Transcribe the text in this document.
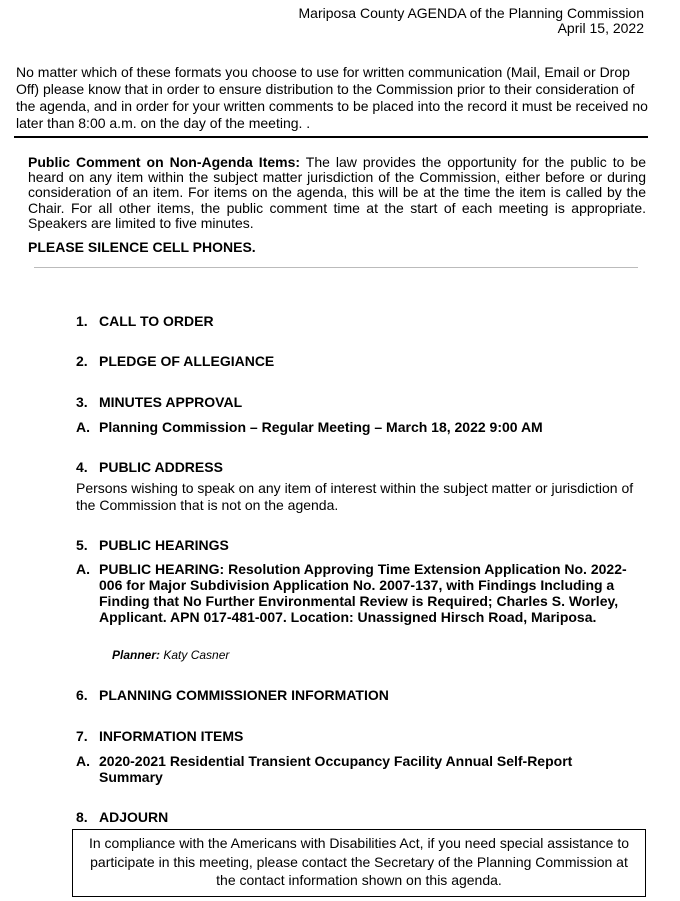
Mariposa County AGENDA of the Planning Commission
April 15, 2022
No matter which of these formats you choose to use for written communication (Mail, Email or Drop Off) please know that in order to ensure distribution to the Commission prior to their consideration of the agenda, and in order for your written comments to be placed into the record it must be received no later than 8:00 a.m. on the day of the meeting. .
Public Comment on Non-Agenda Items: The law provides the opportunity for the public to be heard on any item within the subject matter jurisdiction of the Commission, either before or during consideration of an item. For items on the agenda, this will be at the time the item is called by the Chair. For all other items, the public comment time at the start of each meeting is appropriate. Speakers are limited to five minutes.
PLEASE SILENCE CELL PHONES.
1. CALL TO ORDER
2. PLEDGE OF ALLEGIANCE
3. MINUTES APPROVAL
A. Planning Commission – Regular Meeting – March 18, 2022 9:00 AM
4. PUBLIC ADDRESS
Persons wishing to speak on any item of interest within the subject matter or jurisdiction of the Commission that is not on the agenda.
5. PUBLIC HEARINGS
A. PUBLIC HEARING: Resolution Approving Time Extension Application No. 2022-006 for Major Subdivision Application No. 2007-137, with Findings Including a Finding that No Further Environmental Review is Required; Charles S. Worley, Applicant. APN 017-481-007. Location: Unassigned Hirsch Road, Mariposa.
Planner: Katy Casner
6. PLANNING COMMISSIONER INFORMATION
7. INFORMATION ITEMS
A. 2020-2021 Residential Transient Occupancy Facility Annual Self-Report Summary
8. ADJOURN
In compliance with the Americans with Disabilities Act, if you need special assistance to participate in this meeting, please contact the Secretary of the Planning Commission at the contact information shown on this agenda.
